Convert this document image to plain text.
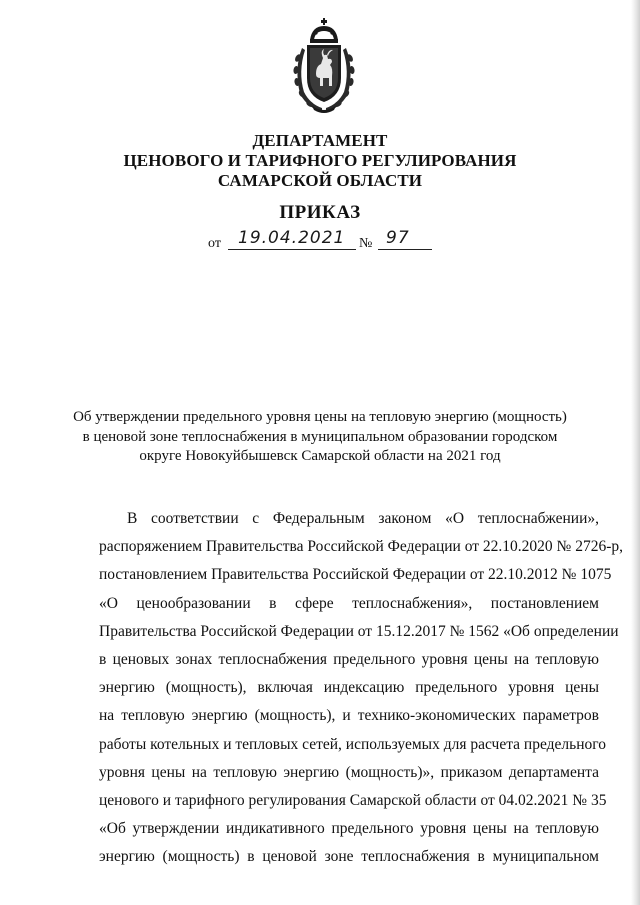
ДЕПАРТАМЕНТ
ЦЕНОВОГО И ТАРИФНОГО РЕГУЛИРОВАНИЯ
САМАРСКОЙ ОБЛАСТИ
ПРИКАЗ
от 19.04.2021 № 97
Об утверждении предельного уровня цены на тепловую энергию (мощность)
в ценовой зоне теплоснабжения в муниципальном образовании городском
округе Новокуйбышевск Самарской области на 2021 год
В соответствии с Федеральным законом «О теплоснабжении»,
распоряжением Правительства Российской Федерации от 22.10.2020 № 2726-р,
постановлением Правительства Российской Федерации от 22.10.2012 № 1075
«О ценообразовании в сфере теплоснабжения», постановлением
Правительства Российской Федерации от 15.12.2017 № 1562 «Об определении
в ценовых зонах теплоснабжения предельного уровня цены на тепловую
энергию (мощность), включая индексацию предельного уровня цены
на тепловую энергию (мощность), и технико-экономических параметров
работы котельных и тепловых сетей, используемых для расчета предельного
уровня цены на тепловую энергию (мощность)», приказом департамента
ценового и тарифного регулирования Самарской области от 04.02.2021 № 35
«Об утверждении индикативного предельного уровня цены на тепловую
энергию (мощность) в ценовой зоне теплоснабжения в муниципальном
